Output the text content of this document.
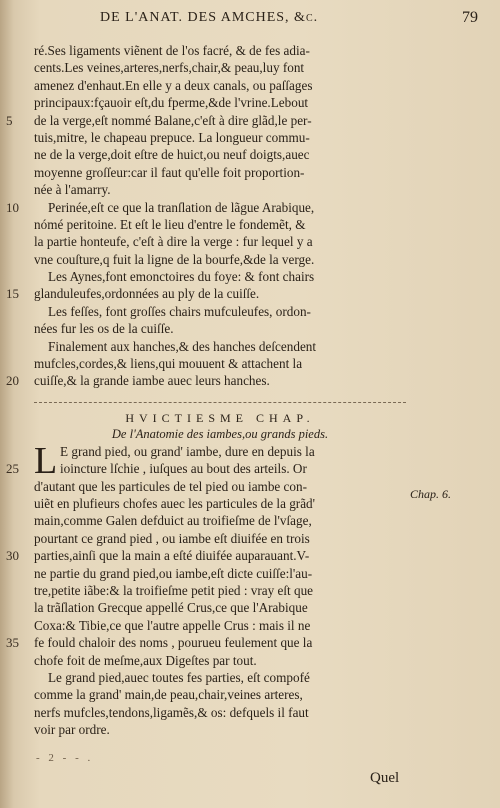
DE L'ANAT. DES AMCHES, &c.	79
ré.Ses ligaments viẽnent de l'os facré, & de fes adia-
cents.Les veines,arteres,nerfs,chair,& peau,luy font
amenez d'enhaut.En elle y a deux canals, ou paſſages
principaux:fçauoir eſt,du fperme,&de l'vrine.Lebout
5	de la verge,eſt nommé Balane,c'eſt à dire glãd,le per-
tuis,mitre, le chapeau prepuce. La longueur commu-
ne de la verge,doit eſtre de huict,ou neuf doigts,auec
moyenne groſſeur:car il faut qu'elle foit proportion-
née à l'amarry.
10	Perinée,eſt ce que la tranſlation de lãgue Arabique,
nómé peritoine. Et eſt le lieu d'entre le fondemẽt, &
la partie honteufe, c'eſt à dire la verge : fur lequel y a
vne couſture,q fuit la ligne de la bourfe,&de la verge.
Les Aynes,font emonctoires du foye: & font chairs
15	glanduleufes,ordonnées au ply de la cuiſſe.
Les feſſes, font groſſes chairs mufculeufes, ordon-
nées fur les os de la cuiſſe.
Finalement aux hanches,& des hanches deſcendent
mufcles,cordes,& liens,qui mouuent & attachent la
20	cuiſſe,& la grande iambe auec leurs hanches.
HVICTIESME CHAP.
De l'Anatomie des iambes,ou grands pieds.
L E grand pied, ou grand' iambe, dure en depuis la
25	ioincture lſchie , iuſques au bout des arteils. Or
d'autant que les particules de tel pied ou iambe con-
uiẽt en plufieurs chofes auec les particules de la grãd'
main,comme Galen defduict au troifieſme de l'vſage,
pourtant ce grand pied , ou iambe eſt diuifée en trois
30	parties,ainſi que la main a eſté diuifée auparauant.V-
ne partie du grand pied,ou iambe,eſt dicte cuiſſe:l'au-
tre,petite iãbe:& la troifieſme petit pied : vray eſt que
la trãſlation Grecque appellé Crus,ce que l'Arabique
Coxa:& Tibie,ce que l'autre appelle Crus : mais il ne
35	fe fould chaloir des noms , pourueu feulement que la
chofe foit de meſme,aux Digeſtes par tout.
Le grand pied,auec toutes fes parties, eſt compofé
comme la grand' main,de peau,chair,veines arteres,
nerfs mufcles,tendons,ligamẽs,& os: defquels il faut
voir par ordre.
Chap. 6.
- 2 - - .
Quel
